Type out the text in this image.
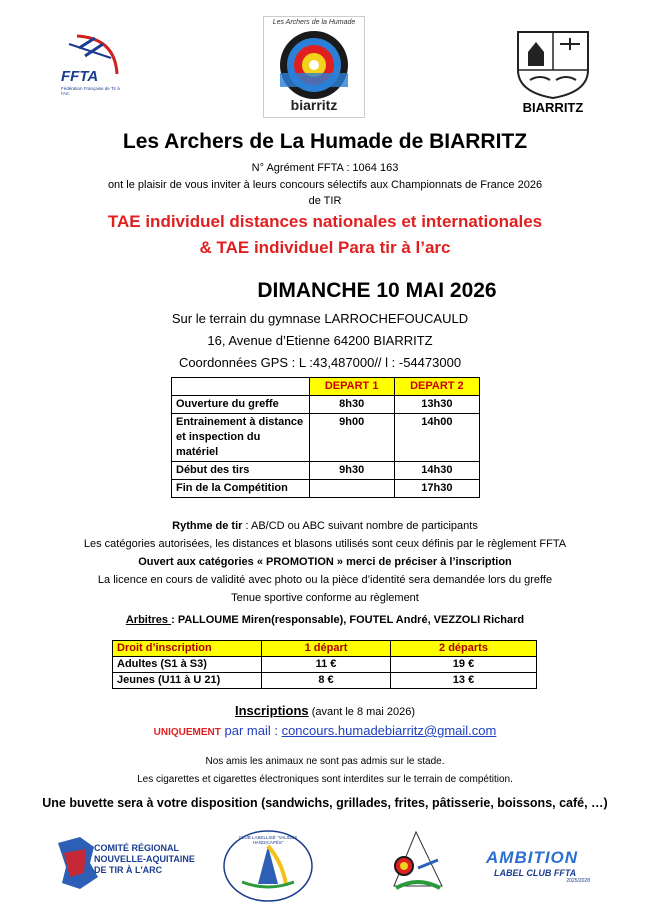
FFTA
Fédération Française de Tir à l'Arc
Les Archers de la Humade
biarritz	BIARRITZ
Les Archers de La Humade de BIARRITZ
N° Agrément FFTA : 1064 163
ont le plaisir de vous inviter à leurs concours sélectifs aux Championnats de France 2026
de TIR
TAE individuel distances nationales et internationales
& TAE individuel Para tir à l’arc
DIMANCHE 10 MAI 2026
Sur le terrain du gymnase LARROCHEFOUCAULD
16, Avenue d’Etienne 64200 BIARRITZ
Coordonnées GPS : L :43,487000// l : -54473000
	DEPART 1	DEPART 2
Ouverture du greffe	8h30	13h30
Entrainement à distance et inspection du matériel	9h00	14h00
Début des tirs	9h30	14h30
Fin de la Compétition		17h30
Rythme de tir : AB/CD ou ABC suivant nombre de participants
Les catégories autorisées, les distances et blasons utilisés sont ceux définis par le règlement FFTA
Ouvert aux catégories « PROMOTION » merci de préciser à l’inscription
La licence en cours de validité avec photo ou la pièce d’identité sera demandée lors du greffe
Tenue sportive conforme au règlement
Arbitres : PALLOUME Miren(responsable), FOUTEL André, VEZZOLI Richard
Droit d’inscription	1 départ	2 départs
Adultes (S1 à S3)	11 €	19 €
Jeunes (U11 à U 21)	8 €	13 €
Inscriptions (avant le 8 mai 2026)
UNIQUEMENT par mail : concours.humadebiarritz@gmail.com
Nos amis les animaux ne sont pas admis sur le stade.
Les cigarettes et cigarettes électroniques sont interdites sur le terrain de compétition.
Une buvette sera à votre disposition (sandwichs, grillades, frites, pâtisserie, boissons, café, …)
COMITÉ RÉGIONAL
NOUVELLE-AQUITAINE
DE TIR À L'ARC
CLUB LABELLISÉ "VALIDES HANDICAPÉS"
AMBITION
LABEL CLUB FFTA
2025/2028
